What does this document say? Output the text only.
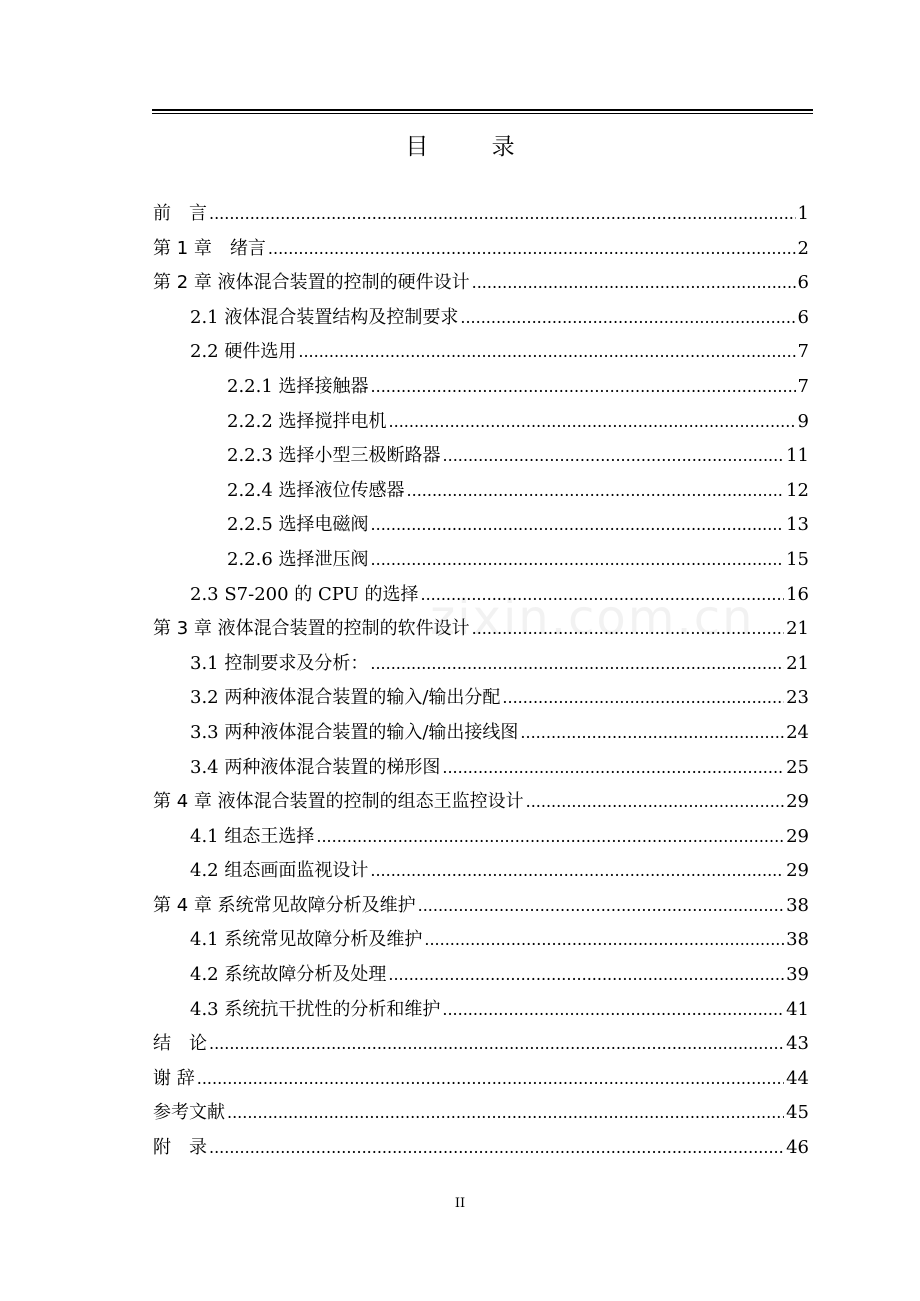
目 录
zixin.com.cn
前　言 .....	1
第 1 章　绪言 .....	2
第 2 章 液体混合装置的控制的硬件设计 .....	6
2.1 液体混合装置结构及控制要求 .....	6
2.2 硬件选用 .....	7
2.2.1 选择接触器 .....	7
2.2.2 选择搅拌电机 .....	9
2.2.3 选择小型三极断路器 .....	11
2.2.4 选择液位传感器 .....	12
2.2.5 选择电磁阀 .....	13
2.2.6 选择泄压阀 .....	15
2.3 S7-200 的 CPU 的选择 .....	16
第 3 章 液体混合装置的控制的软件设计 .....	21
3.1 控制要求及分析： .....	21
3.2 两种液体混合装置的输入/输出分配 .....	23
3.3 两种液体混合装置的输入/输出接线图 .....	24
3.4 两种液体混合装置的梯形图 .....	25
第 4 章 液体混合装置的控制的组态王监控设计 .....	29
4.1 组态王选择 .....	29
4.2 组态画面监视设计 .....	29
第 4 章 系统常见故障分析及维护 .....	38
4.1 系统常见故障分析及维护 .....	38
4.2 系统故障分析及处理 .....	39
4.3 系统抗干扰性的分析和维护 .....	41
结　论 .....	43
谢 辞 .....	44
参考文献 .....	45
附　录 .....	46
II
